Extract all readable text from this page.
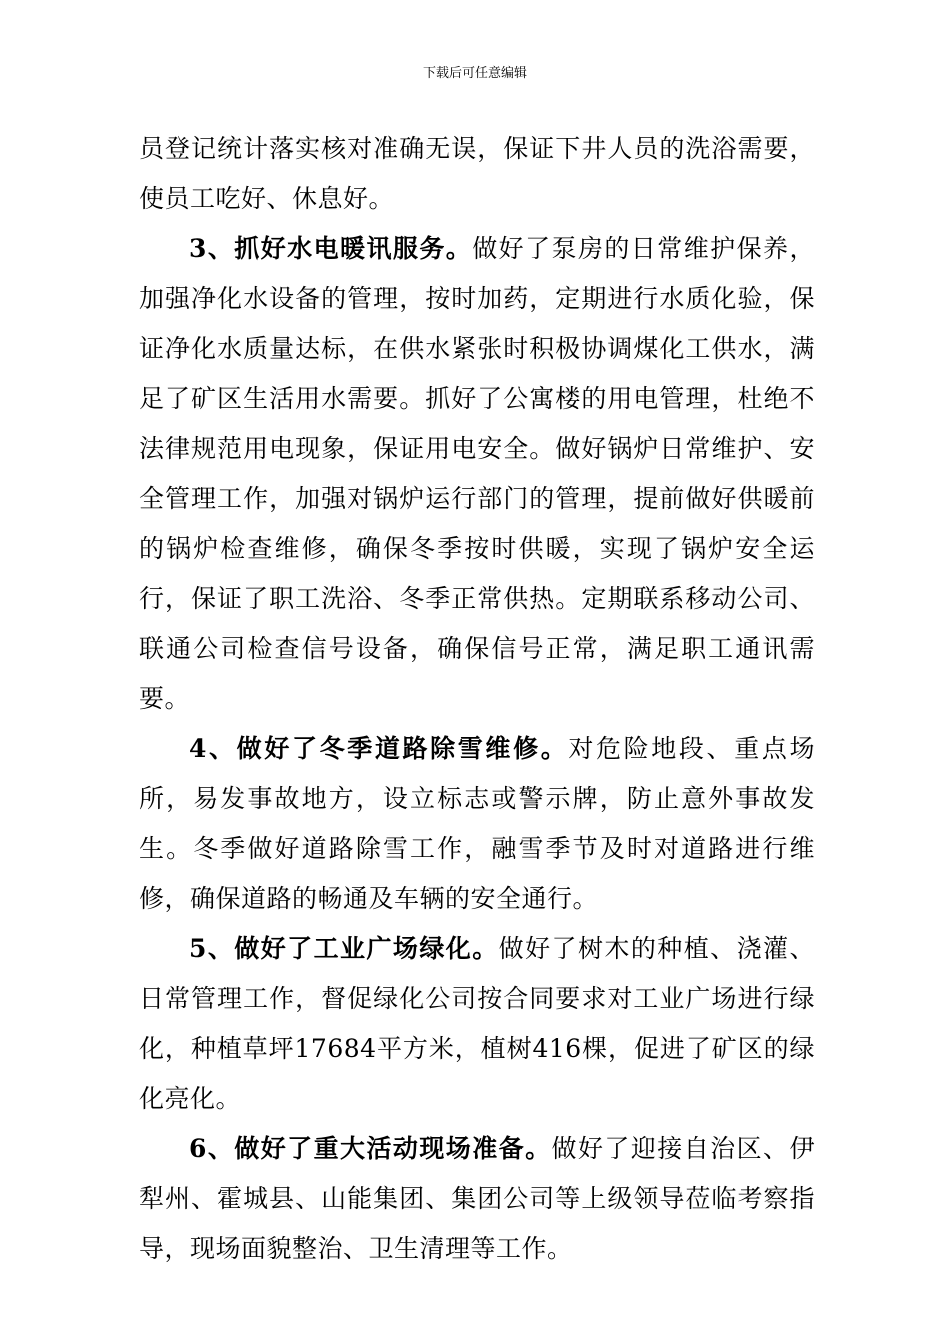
下载后可任意编辑

员登记统计落实核对准确无误，保证下井人员的洗浴需要，使员工吃好、休息好。

3、抓好水电暖讯服务。做好了泵房的日常维护保养，加强净化水设备的管理，按时加药，定期进行水质化验，保证净化水质量达标，在供水紧张时积极协调煤化工供水，满足了矿区生活用水需要。抓好了公寓楼的用电管理，杜绝不法律规范用电现象，保证用电安全。做好锅炉日常维护、安全管理工作，加强对锅炉运行部门的管理，提前做好供暖前的锅炉检查维修，确保冬季按时供暖，实现了锅炉安全运行，保证了职工洗浴、冬季正常供热。定期联系移动公司、联通公司检查信号设备，确保信号正常，满足职工通讯需要。

4、做好了冬季道路除雪维修。对危险地段、重点场所，易发事故地方，设立标志或警示牌，防止意外事故发生。冬季做好道路除雪工作，融雪季节及时对道路进行维修，确保道路的畅通及车辆的安全通行。

5、做好了工业广场绿化。做好了树木的种植、浇灌、日常管理工作，督促绿化公司按合同要求对工业广场进行绿化，种植草坪17684平方米，植树416棵，促进了矿区的绿化亮化。

6、做好了重大活动现场准备。做好了迎接自治区、伊犁州、霍城县、山能集团、集团公司等上级领导莅临考察指导，现场面貌整治、卫生清理等工作。
